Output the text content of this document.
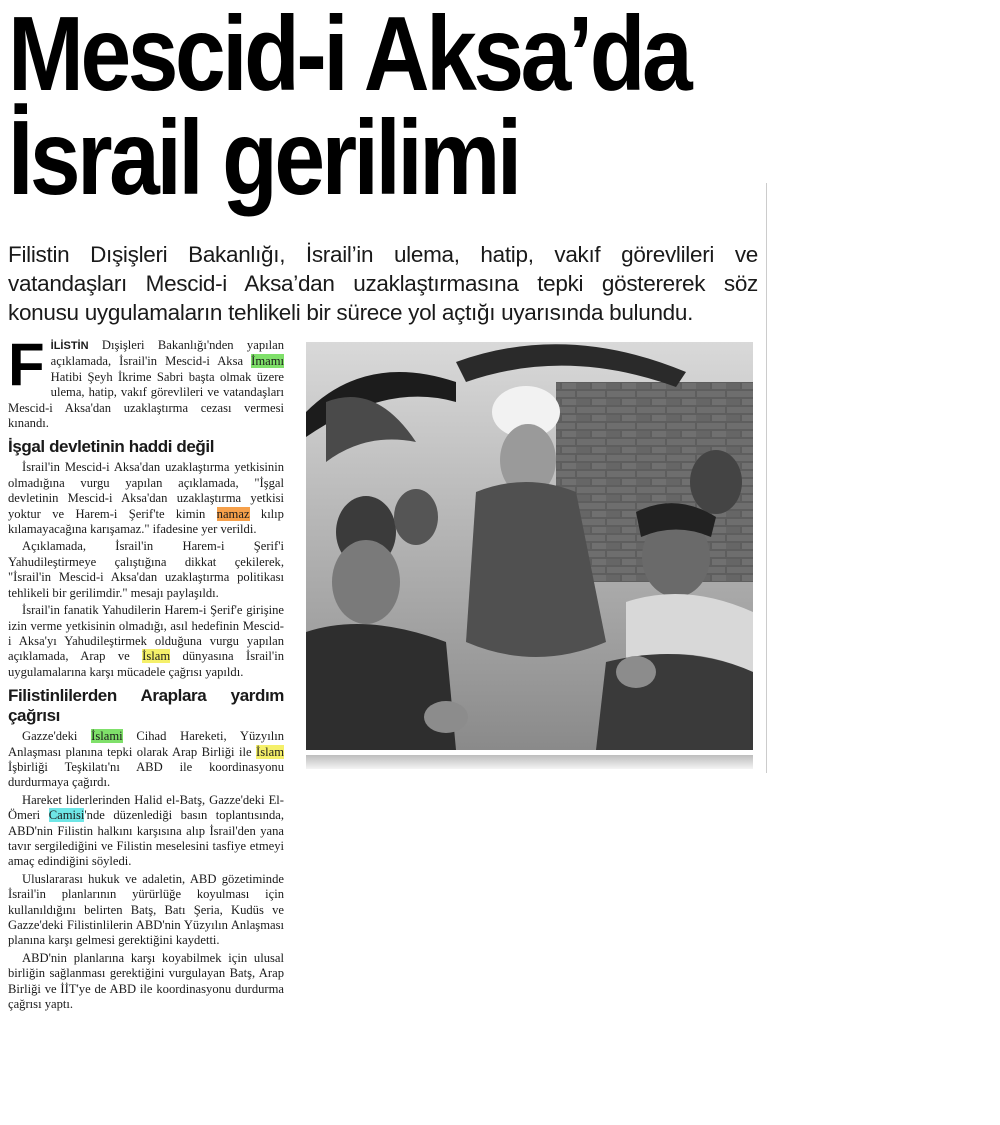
Mescid-i Aksa’da
İsrail gerilimi
Filistin Dışişleri Bakanlığı, İsrail’in ulema, hatip, vakıf görevlileri ve vatandaşları Mescid-i Aksa’dan uzaklaştırmasına tepki göstererek söz konusu uygulamaların tehlikeli bir sürece yol açtığı uyarısında bulundu.

FİLİSTİN Dışişleri Bakanlığı'nden yapılan açıklamada, İsrail'in Mescid-i Aksa İmamı Hatibi Şeyh İkrime Sabri başta olmak üzere ulema, hatip, vakıf görevlileri ve vatandaşları Mescid-i Aksa'dan uzaklaştırma cezası vermesi kınandı.

İşgal devletinin haddi değil

İsrail'in Mescid-i Aksa'dan uzaklaştırma yetkisinin olmadığına vurgu yapılan açıklamada, "İşgal devletinin Mescid-i Aksa'dan uzaklaştırma yetkisi yoktur ve Harem-i Şerif'te kimin namaz kılıp kılamayacağına karışamaz." ifadesine yer verildi.

Açıklamada, İsrail'in Harem-i Şerif'i Yahudileştirmeye çalıştığına dikkat çekilerek, "İsrail'in Mescid-i Aksa'dan uzaklaştırma politikası tehlikeli bir gerilimdir." mesajı paylaşıldı.

İsrail'in fanatik Yahudilerin Harem-i Şerif'e girişine izin verme yetkisinin olmadığı, asıl hedefinin Mescid-i Aksa'yı Yahudileştirmek olduğuna vurgu yapılan açıklamada, Arap ve İslam dünyasına İsrail'in uygulamalarına karşı mücadele çağrısı yapıldı.

Filistinlilerden Araplara yardım çağrısı

Gazze'deki İslami Cihad Hareketi, Yüzyılın Anlaşması planına tepki olarak Arap Birliği ile İslam İşbirliği Teşkilatı'nı ABD ile koordinasyonu durdurmaya çağırdı.

Hareket liderlerinden Halid el-Batş, Gazze'deki El-Ömeri Camisi'nde düzenlediği basın toplantısında, ABD'nin Filistin halkını karşısına alıp İsrail'den yana tavır sergilediğini ve Filistin meselesini tasfiye etmeyi amaç edindiğini söyledi.

Uluslararası hukuk ve adaletin, ABD gözetiminde İsrail'in planlarının yürürlüğe koyulması için kullanıldığını belirten Batş, Batı Şeria, Kudüs ve Gazze'deki Filistinlilerin ABD'nin Yüzyılın Anlaşması planına karşı gelmesi gerektiğini kaydetti.

ABD'nin planlarına karşı koyabilmek için ulusal birliğin sağlanması gerektiğini vurgulayan Batş, Arap Birliği ve İİT'ye de ABD ile koordinasyonu durdurma çağrısı yaptı.
